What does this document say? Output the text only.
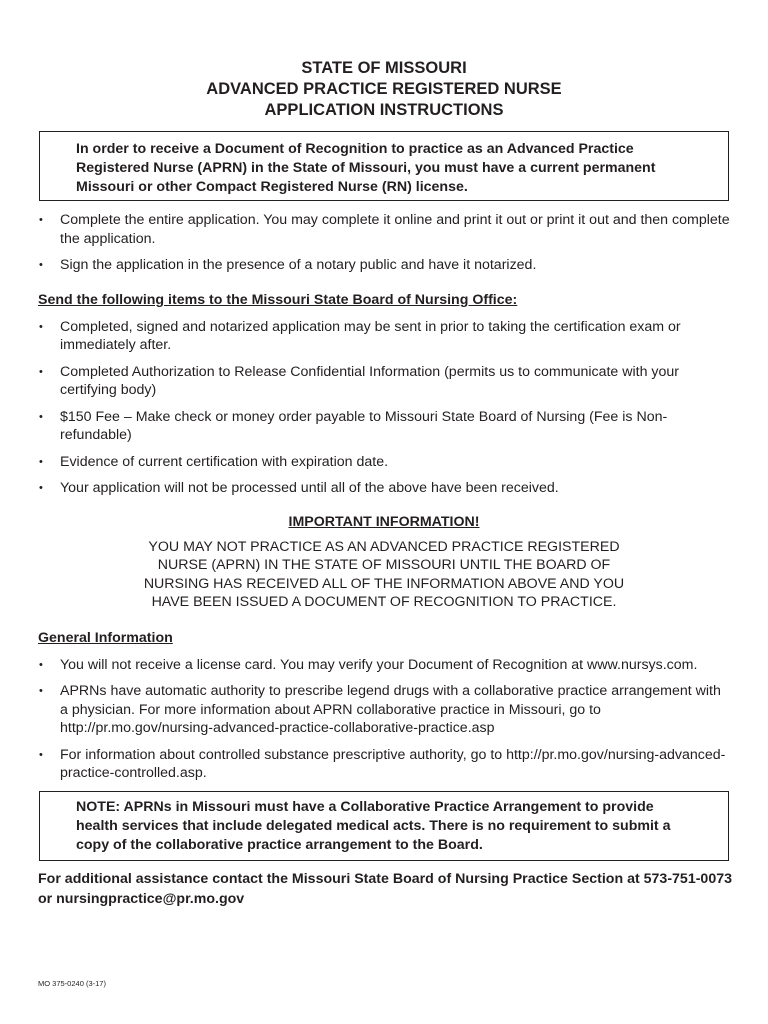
STATE OF MISSOURI
ADVANCED PRACTICE REGISTERED NURSE
APPLICATION INSTRUCTIONS
In order to receive a Document of Recognition to practice as an Advanced Practice Registered Nurse (APRN) in the State of Missouri, you must have a current permanent Missouri or other Compact Registered Nurse (RN) license.
• Complete the entire application. You may complete it online and print it out or print it out and then complete the application.
• Sign the application in the presence of a notary public and have it notarized.
Send the following items to the Missouri State Board of Nursing Office:
• Completed, signed and notarized application may be sent in prior to taking the certification exam or immediately after.
• Completed Authorization to Release Confidential Information (permits us to communicate with your certifying body)
• $150 Fee – Make check or money order payable to Missouri State Board of Nursing (Fee is Non-refundable)
• Evidence of current certification with expiration date.
• Your application will not be processed until all of the above have been received.
IMPORTANT INFORMATION!
YOU MAY NOT PRACTICE AS AN ADVANCED PRACTICE REGISTERED
NURSE (APRN) IN THE STATE OF MISSOURI UNTIL THE BOARD OF
NURSING HAS RECEIVED ALL OF THE INFORMATION ABOVE AND YOU
HAVE BEEN ISSUED A DOCUMENT OF RECOGNITION TO PRACTICE.
General Information
• You will not receive a license card. You may verify your Document of Recognition at www.nursys.com.
• APRNs have automatic authority to prescribe legend drugs with a collaborative practice arrangement with a physician. For more information about APRN collaborative practice in Missouri, go to http://pr.mo.gov/nursing-advanced-practice-collaborative-practice.asp
• For information about controlled substance prescriptive authority, go to http://pr.mo.gov/nursing-advanced-practice-controlled.asp.
NOTE: APRNs in Missouri must have a Collaborative Practice Arrangement to provide health services that include delegated medical acts. There is no requirement to submit a copy of the collaborative practice arrangement to the Board.
For additional assistance contact the Missouri State Board of Nursing Practice Section at 573-751-0073 or nursingpractice@pr.mo.gov
MO 375-0240 (3-17)
